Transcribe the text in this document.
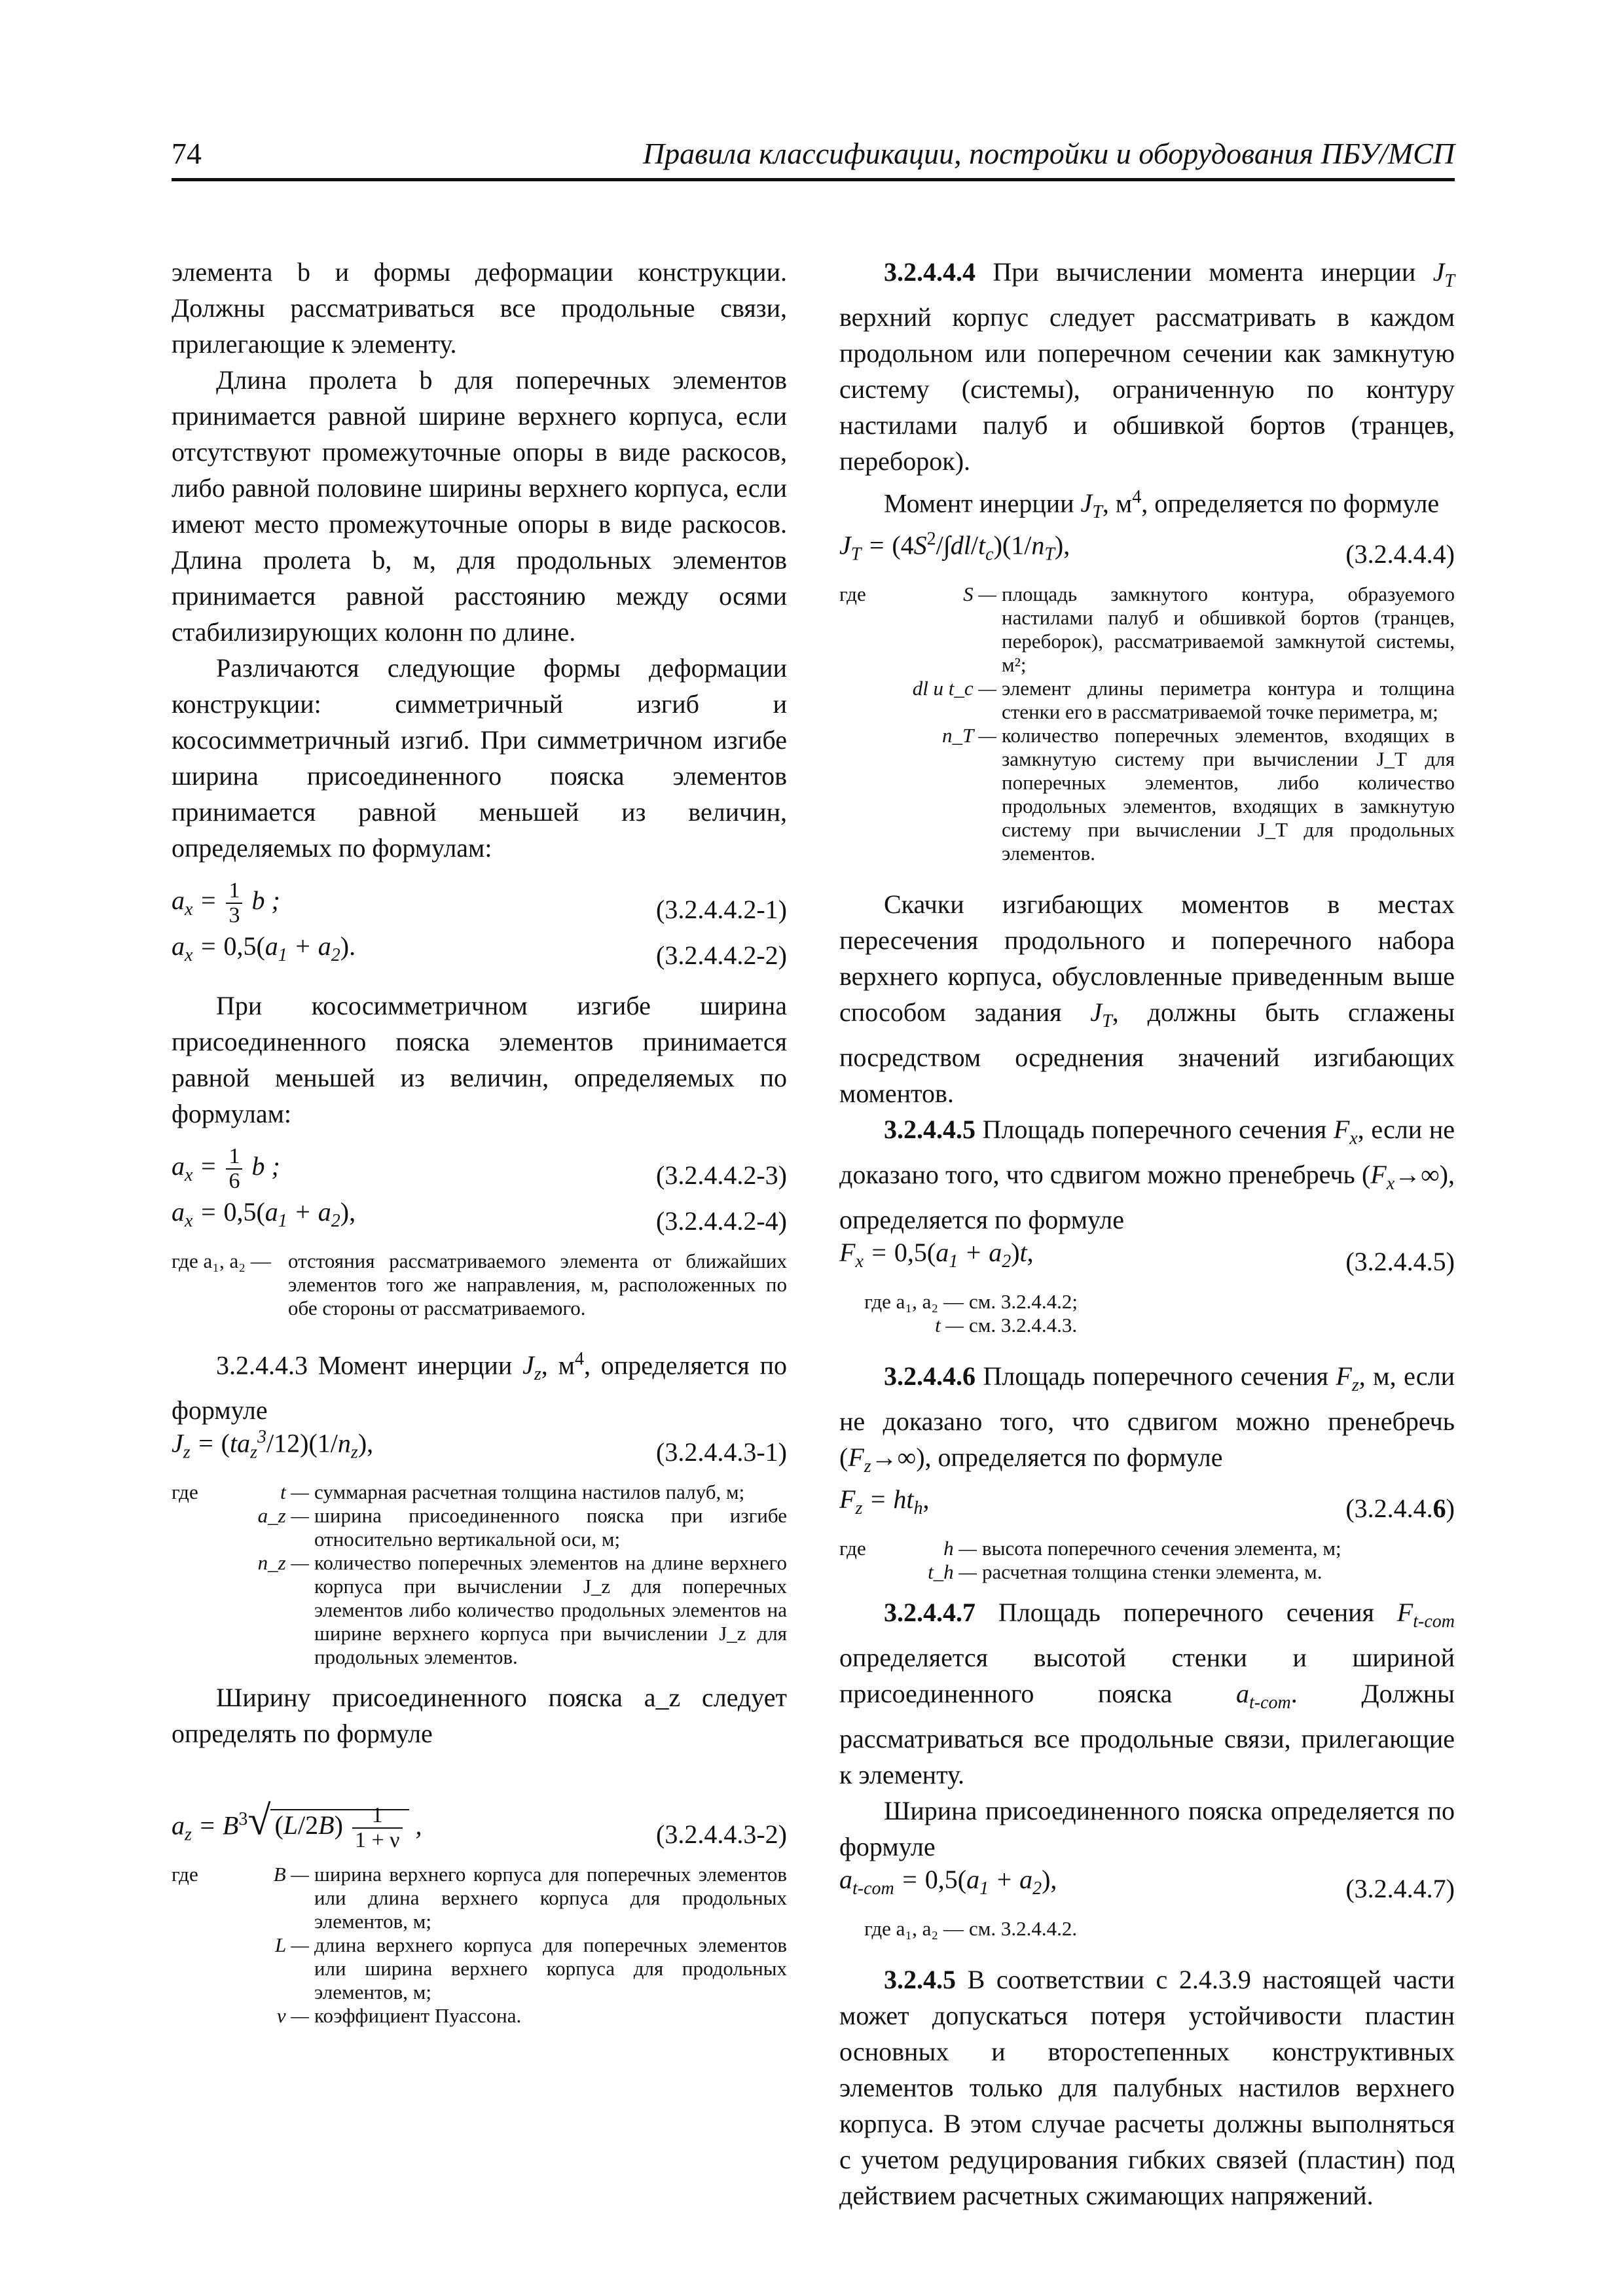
74	Правила классификации, постройки и оборудования ПБУ/МСП

элемента b и формы деформации конструкции. Должны рассматриваться все продольные связи, прилегающие к элементу.

Длина пролета b для поперечных элементов принимается равной ширине верхнего корпуса, если отсутствуют промежуточные опоры в виде раскосов, либо равной половине ширины верхнего корпуса, если имеют место промежуточные опоры в виде раскосов. Длина пролета b, м, для продольных элементов принимается равной расстоянию между осями стабилизирующих колонн по длине.

Различаются следующие формы деформации конструкции: симметричный изгиб и кососимметричный изгиб. При симметричном изгибе ширина присоединенного пояска элементов принимается равной меньшей из величин, определяемых по формулам:

$a_x = \frac{1}{3}$ b ;	(3.2.4.4.2-1)
$a_x = 0,5(a_1 + a_2)$.	(3.2.4.4.2-2)

При кососимметричном изгибе ширина присоединенного пояска элементов принимается равной меньшей из величин, определяемых по формулам:

$a_x = \frac{1}{6}$ b ;	(3.2.4.4.2-3)
$a_x = 0,5(a_1 + a_2)$,	(3.2.4.4.2-4)
где a₁, a₂ —	отстояния рассматриваемого элемента от ближайших элементов того же направления, м, расположенных по обе стороны от рассматриваемого.

3.2.4.4.3 Момент инерции $J_z$, $м^4$, определяется по формуле

$J_z = (ta_z^3/12)(1/n_z)$,	(3.2.4.4.3-1)
где	t —	суммарная расчетная толщина настилов палуб, м;
	a_z —	ширина присоединенного пояска при изгибе относительно вертикальной оси, м;
	n_z —	количество поперечных элементов на длине верхнего корпуса при вычислении J_z для поперечных элементов либо количество продольных элементов на ширине верхнего корпуса при вычислении J_z для продольных элементов.

Ширину присоединенного пояска a_z следует определять по формуле

$a_z = B^3√$ $(L/2B) \frac{1}{1 + \nu}$ ,	(3.2.4.4.3-2)
где	B —	ширина верхнего корпуса для поперечных элементов или длина верхнего корпуса для продольных элементов, м;
	L —	длина верхнего корпуса для поперечных элементов или ширина верхнего корпуса для продольных элементов, м;
	ν —	коэффициент Пуассона.

3.2.4.4.4 При вычислении момента инерции $J_T$ верхний корпус следует рассматривать в каждом продольном или поперечном сечении как замкнутую систему (системы), ограниченную по контуру настилами палуб и обшивкой бортов (транцев, переборок).

Момент инерции $J_T$, $м^4$, определяется по формуле

$J_T = (4S^2/\int dl/t_c)(1/n_T)$,	(3.2.4.4.4)
где	S —	площадь замкнутого контура, образуемого настилами палуб и обшивкой бортов (транцев, переборок), рассматриваемой замкнутой системы, м²;
	dl и t_c —	элемент длины периметра контура и толщина стенки его в рассматриваемой точке периметра, м;
	n_T —	количество поперечных элементов, входящих в замкнутую систему при вычислении J_T для поперечных элементов, либо количество продольных элементов, входящих в замкнутую систему при вычислении J_T для продольных элементов.

Скачки изгибающих моментов в местах пересечения продольного и поперечного набора верхнего корпуса, обусловленные приведенным выше способом задания $J_T$, должны быть сглажены посредством осреднения значений изгибающих моментов.

3.2.4.4.5 Площадь поперечного сечения $F_x$, если не доказано того, что сдвигом можно пренебречь $(F_x\to\infty)$, определяется по формуле

$F_x = 0,5(a_1 + a_2)t$,	(3.2.4.4.5)
где a₁, a₂ —	см. 3.2.4.4.2;
t —	см. 3.2.4.4.3.

3.2.4.4.6 Площадь поперечного сечения $F_z$, м, если не доказано того, что сдвигом можно пренебречь $(F_z\to\infty)$, определяется по формуле

$F_z = ht_h$,	(3.2.4.4.6)
где	h —	высота поперечного сечения элемента, м;
	t_h —	расчетная толщина стенки элемента, м.

3.2.4.4.7 Площадь поперечного сечения $F_{t-com}$ определяется высотой стенки и шириной присоединенного пояска $a_{t-com}$. Должны рассматриваться все продольные связи, прилегающие к элементу.

Ширина присоединенного пояска определяется по формуле

$a_{t-com} = 0,5(a_1 + a_2)$,	(3.2.4.4.7)
где a₁, a₂ —	см. 3.2.4.4.2.

3.2.4.5 В соответствии с 2.4.3.9 настоящей части может допускаться потеря устойчивости пластин основных и второстепенных конструктивных элементов только для палубных настилов верхнего корпуса. В этом случае расчеты должны выполняться с учетом редуцирования гибких связей (пластин) под действием расчетных сжимающих напряжений.
